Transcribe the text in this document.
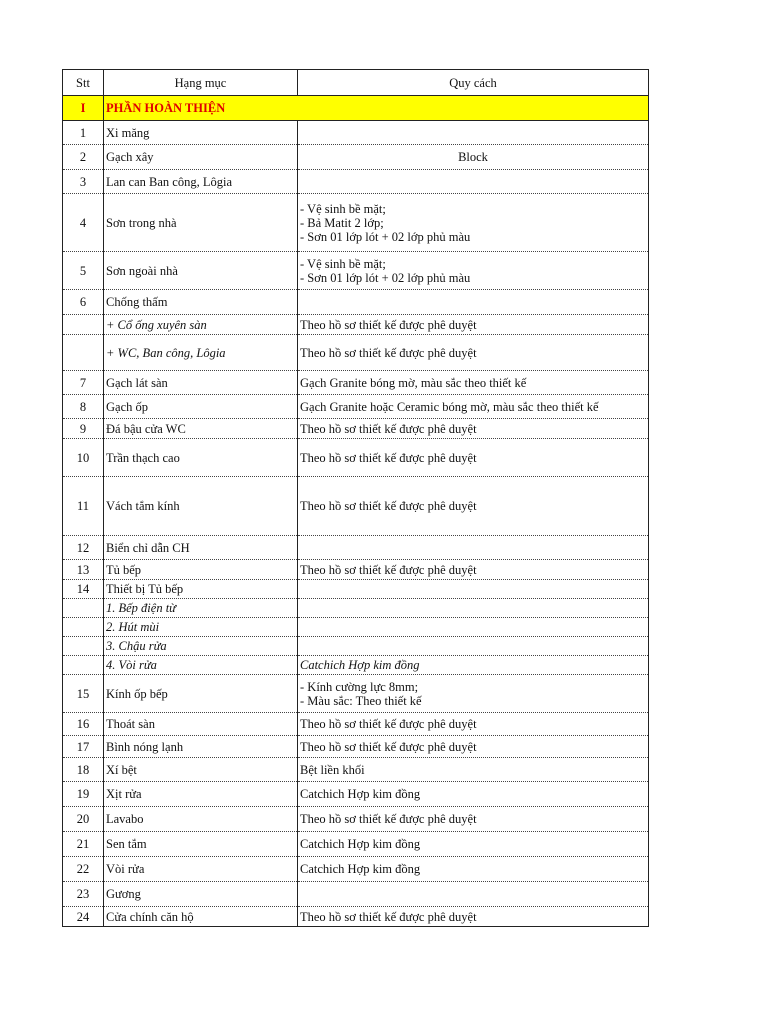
Stt	Hạng mục	Quy cách
I	PHẦN HOÀN THIỆN	
1	Xi măng	
2	Gạch xây	Block
3	Lan can Ban công, Lôgia	
4	Sơn trong nhà	- Vệ sinh bề mặt;
- Bả Matit 2 lớp;
- Sơn 01 lớp lót + 02 lớp phủ màu
5	Sơn ngoài nhà	- Vệ sinh bề mặt;
- Sơn 01 lớp lót + 02 lớp phủ màu
6	Chống thấm	
	+ Cổ ống xuyên sàn	Theo hồ sơ thiết kế được phê duyệt
	+ WC, Ban công, Lôgia	Theo hồ sơ thiết kế được phê duyệt
7	Gạch lát sàn	Gạch Granite bóng mờ, màu sắc theo thiết kế
8	Gạch ốp	Gạch Granite hoặc Ceramic bóng mờ, màu sắc theo thiết kế
9	Đá bậu cửa WC	Theo hồ sơ thiết kế được phê duyệt
10	Trần thạch cao	Theo hồ sơ thiết kế được phê duyệt
11	Vách tắm kính	Theo hồ sơ thiết kế được phê duyệt
12	Biển chỉ dẫn CH	
13	Tủ bếp	Theo hồ sơ thiết kế được phê duyệt
14	Thiết bị Tủ bếp	
	1. Bếp điện từ	
	2. Hút mùi	
	3. Chậu rửa	
	4. Vòi rửa	Catchich Hợp kim đồng
15	Kính ốp bếp	- Kính cường lực 8mm;
- Màu sắc: Theo thiết kế
16	Thoát sàn	Theo hồ sơ thiết kế được phê duyệt
17	Bình nóng lạnh	Theo hồ sơ thiết kế được phê duyệt
18	Xí bệt	Bệt liền khối
19	Xịt rửa	Catchich Hợp kim đồng
20	Lavabo	Theo hồ sơ thiết kế được phê duyệt
21	Sen tắm	Catchich Hợp kim đồng
22	Vòi rửa	Catchich Hợp kim đồng
23	Gương	
24	Cửa chính căn hộ	Theo hồ sơ thiết kế được phê duyệt
